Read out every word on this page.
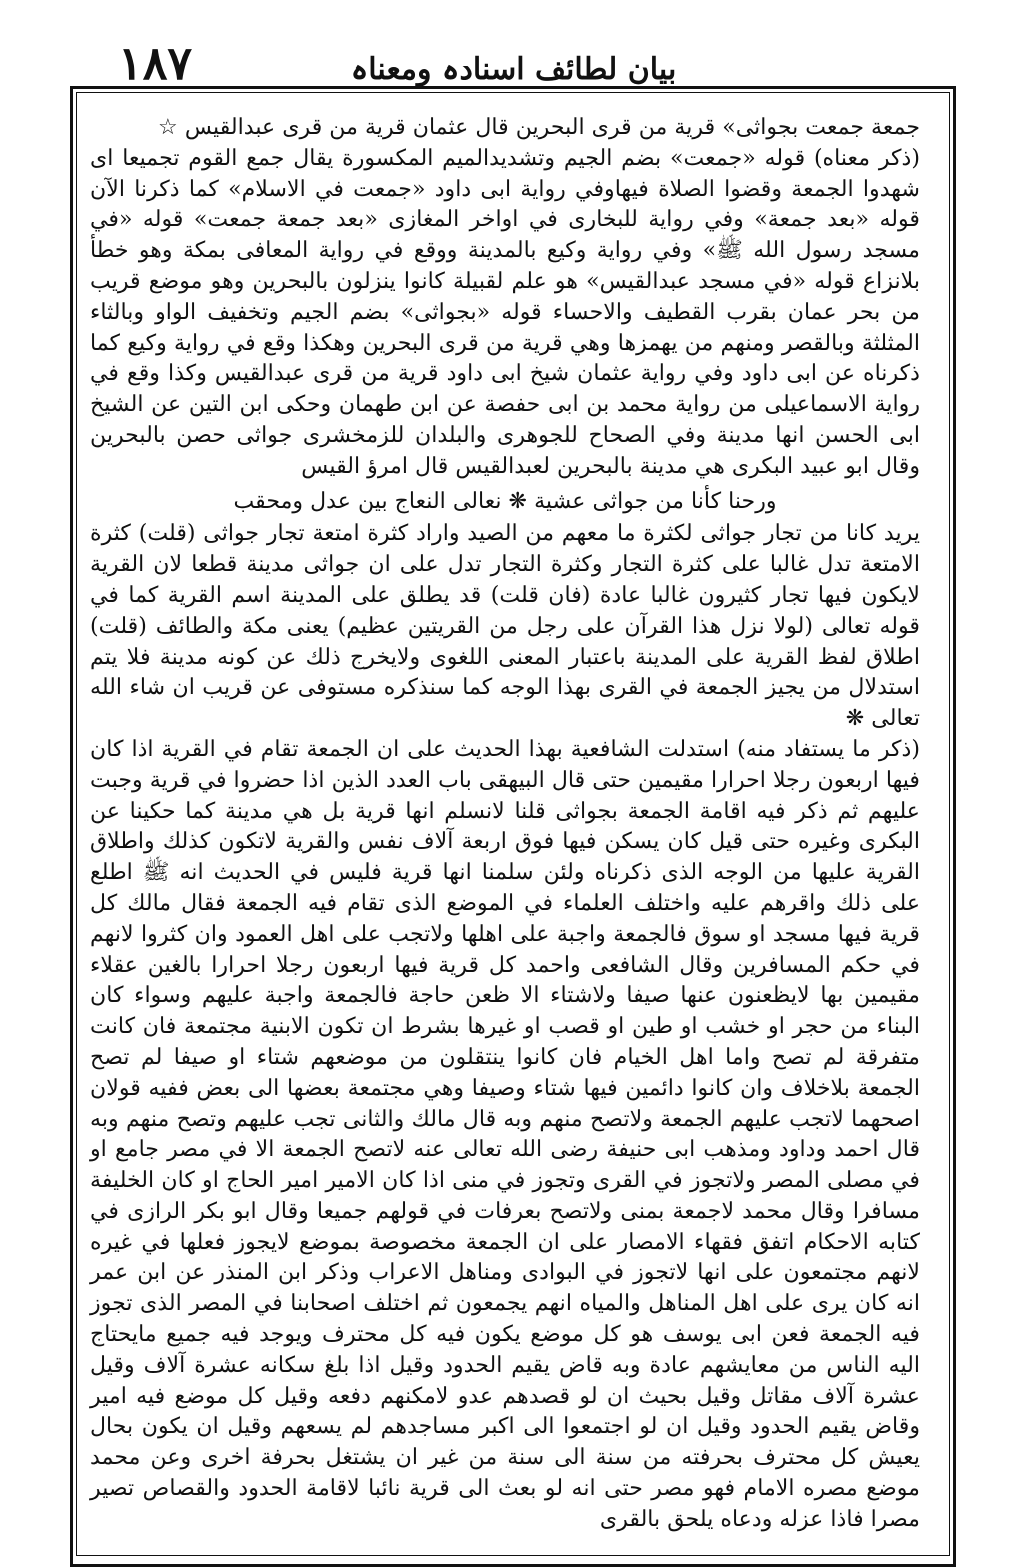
١٨٧	بیان لطائف اسنادہ ومعناہ

جمعة جمعت بجواثى» قرية من قرى البحرين قال عثمان قرية من قرى عبدالقيس ☆

(ذكر معناه) قوله «جمعت» بضم الجيم وتشديدالميم المكسورة يقال جمع القوم تجميعا اى شهدوا الجمعة وقضوا الصلاة فيهاوفي رواية ابى داود «جمعت في الاسلام» كما ذكرنا الآن قوله «بعد جمعة» وفي رواية للبخارى في اواخر المغازى «بعد جمعة جمعت» قوله «في مسجد رسول الله ﷺ» وفي رواية وكيع بالمدينة ووقع في رواية المعافى بمكة وهو خطأ بلانزاع قوله «في مسجد عبدالقيس» هو علم لقبيلة كانوا ينزلون بالبحرين وهو موضع قريب من بحر عمان بقرب القطيف والاحساء قوله «بجواثى» بضم الجيم وتخفيف الواو وبالثاء المثلثة وبالقصر ومنهم من يهمزها وهي قرية من قرى البحرين وهكذا وقع في رواية وكيع كما ذكرناه عن ابى داود وفي رواية عثمان شيخ ابى داود قرية من قرى عبدالقيس وكذا وقع في رواية الاسماعيلى من رواية محمد بن ابى حفصة عن ابن طهمان وحكى ابن التين عن الشيخ ابى الحسن انها مدينة وفي الصحاح للجوهرى والبلدان للزمخشرى جواثى حصن بالبحرين وقال ابو عبيد البكرى هي مدينة بالبحرين لعبدالقيس قال امرؤ القيس

ورحنا كأنا من جواثى عشية ❋ نعالى النعاج بين عدل ومحقب

يريد كانا من تجار جواثى لكثرة ما معهم من الصيد واراد كثرة امتعة تجار جواثى (قلت) كثرة الامتعة تدل غالبا على كثرة التجار وكثرة التجار تدل على ان جواثى مدينة قطعا لان القرية لايكون فيها تجار كثيرون غالبا عادة (فان قلت) قد يطلق على المدينة اسم القرية كما في قوله تعالى (لولا نزل هذا القرآن على رجل من القريتين عظيم) يعنى مكة والطائف (قلت) اطلاق لفظ القرية على المدينة باعتبار المعنى اللغوى ولايخرج ذلك عن كونه مدينة فلا يتم استدلال من يجيز الجمعة في القرى بهذا الوجه كما سنذكره مستوفى عن قريب ان شاء الله تعالى ❋

(ذكر ما يستفاد منه) استدلت الشافعية بهذا الحديث على ان الجمعة تقام في القرية اذا كان فيها اربعون رجلا احرارا مقيمين حتى قال البيهقى باب العدد الذين اذا حضروا في قرية وجبت عليهم ثم ذكر فيه اقامة الجمعة بجواثى قلنا لانسلم انها قرية بل هي مدينة كما حكينا عن البكرى وغيره حتى قيل كان يسكن فيها فوق اربعة آلاف نفس والقرية لاتكون كذلك واطلاق القرية عليها من الوجه الذى ذكرناه ولئن سلمنا انها قرية فليس في الحديث انه ﷺ اطلع على ذلك واقرهم عليه واختلف العلماء في الموضع الذى تقام فيه الجمعة فقال مالك كل قرية فيها مسجد او سوق فالجمعة واجبة على اهلها ولاتجب على اهل العمود وان كثروا لانهم في حكم المسافرين وقال الشافعى واحمد كل قرية فيها اربعون رجلا احرارا بالغين عقلاء مقيمين بها لايظعنون عنها صيفا ولاشتاء الا ظعن حاجة فالجمعة واجبة عليهم وسواء كان البناء من حجر او خشب او طين او قصب او غيرها بشرط ان تكون الابنية مجتمعة فان كانت متفرقة لم تصح واما اهل الخيام فان كانوا ينتقلون من موضعهم شتاء او صيفا لم تصح الجمعة بلاخلاف وان كانوا دائمين فيها شتاء وصيفا وهي مجتمعة بعضها الى بعض ففيه قولان اصحهما لاتجب عليهم الجمعة ولاتصح منهم وبه قال مالك والثانى تجب عليهم وتصح منهم وبه قال احمد وداود ومذهب ابى حنيفة رضى الله تعالى عنه لاتصح الجمعة الا في مصر جامع او في مصلى المصر ولاتجوز في القرى وتجوز في منى اذا كان الامير امير الحاج او كان الخليفة مسافرا وقال محمد لاجمعة بمنى ولاتصح بعرفات في قولهم جميعا وقال ابو بكر الرازى في كتابه الاحكام اتفق فقهاء الامصار على ان الجمعة مخصوصة بموضع لايجوز فعلها في غيره لانهم مجتمعون على انها لاتجوز في البوادى ومناهل الاعراب وذكر ابن المنذر عن ابن عمر انه كان يرى على اهل المناهل والمياه انهم يجمعون ثم اختلف اصحابنا في المصر الذى تجوز فيه الجمعة فعن ابى يوسف هو كل موضع يكون فيه كل محترف ويوجد فيه جميع مايحتاج اليه الناس من معايشهم عادة وبه قاض يقيم الحدود وقيل اذا بلغ سكانه عشرة آلاف وقيل عشرة آلاف مقاتل وقيل بحيث ان لو قصدهم عدو لامكنهم دفعه وقيل كل موضع فيه امير وقاض يقيم الحدود وقيل ان لو اجتمعوا الى اكبر مساجدهم لم يسعهم وقيل ان يكون بحال يعيش كل محترف بحرفته من سنة الى سنة من غير ان يشتغل بحرفة اخرى وعن محمد موضع مصره الامام فهو مصر حتى انه لو بعث الى قرية نائبا لاقامة الحدود والقصاص تصير مصرا فاذا عزله ودعاه يلحق بالقرى
